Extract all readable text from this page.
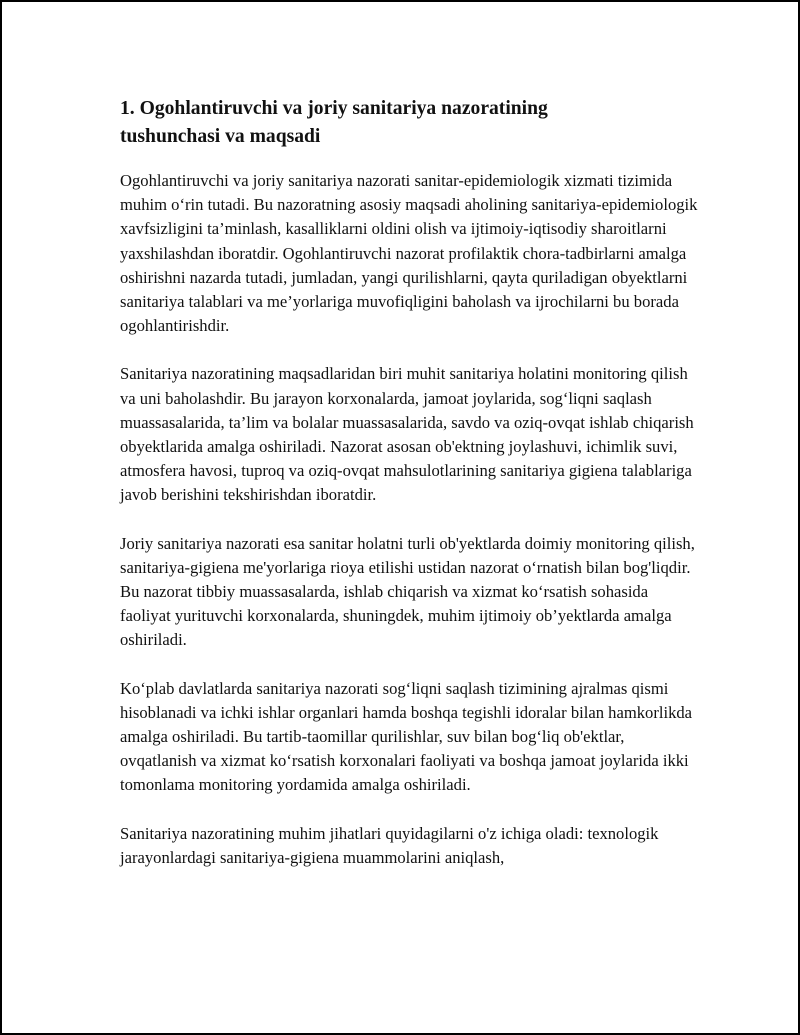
1. Ogohlantiruvchi va joriy sanitariya nazoratining tushunchasi va maqsadi

Ogohlantiruvchi va joriy sanitariya nazorati sanitar-epidemiologik xizmati tizimida muhim o‘rin tutadi. Bu nazoratning asosiy maqsadi aholining sanitariya-epidemiologik xavfsizligini ta’minlash, kasalliklarni oldini olish va ijtimoiy-iqtisodiy sharoitlarni yaxshilashdan iboratdir. Ogohlantiruvchi nazorat profilaktik chora-tadbirlarni amalga oshirishni nazarda tutadi, jumladan, yangi qurilishlarni, qayta quriladigan obyektlarni sanitariya talablari va me’yorlariga muvofiqligini baholash va ijrochilarni bu borada ogohlantirishdir.

Sanitariya nazoratining maqsadlaridan biri muhit sanitariya holatini monitoring qilish va uni baholashdir. Bu jarayon korxonalarda, jamoat joylarida, sog‘liqni saqlash muassasalarida, ta’lim va bolalar muassasalarida, savdo va oziq-ovqat ishlab chiqarish obyektlarida amalga oshiriladi. Nazorat asosan ob'ektning joylashuvi, ichimlik suvi, atmosfera havosi, tuproq va oziq-ovqat mahsulotlarining sanitariya gigiena talablariga javob berishini tekshirishdan iboratdir.

Joriy sanitariya nazorati esa sanitar holatni turli ob'yektlarda doimiy monitoring qilish, sanitariya-gigiena me'yorlariga rioya etilishi ustidan nazorat o‘rnatish bilan bog'liqdir. Bu nazorat tibbiy muassasalarda, ishlab chiqarish va xizmat ko‘rsatish sohasida faoliyat yurituvchi korxonalarda, shuningdek, muhim ijtimoiy ob’yektlarda amalga oshiriladi.

Ko‘plab davlatlarda sanitariya nazorati sog‘liqni saqlash tizimining ajralmas qismi hisoblanadi va ichki ishlar organlari hamda boshqa tegishli idoralar bilan hamkorlikda amalga oshiriladi. Bu tartib-taomillar qurilishlar, suv bilan bog‘liq ob'ektlar, ovqatlanish va xizmat ko‘rsatish korxonalari faoliyati va boshqa jamoat joylarida ikki tomonlama monitoring yordamida amalga oshiriladi.

Sanitariya nazoratining muhim jihatlari quyidagilarni o'z ichiga oladi: texnologik jarayonlardagi sanitariya-gigiena muammolarini aniqlash,
